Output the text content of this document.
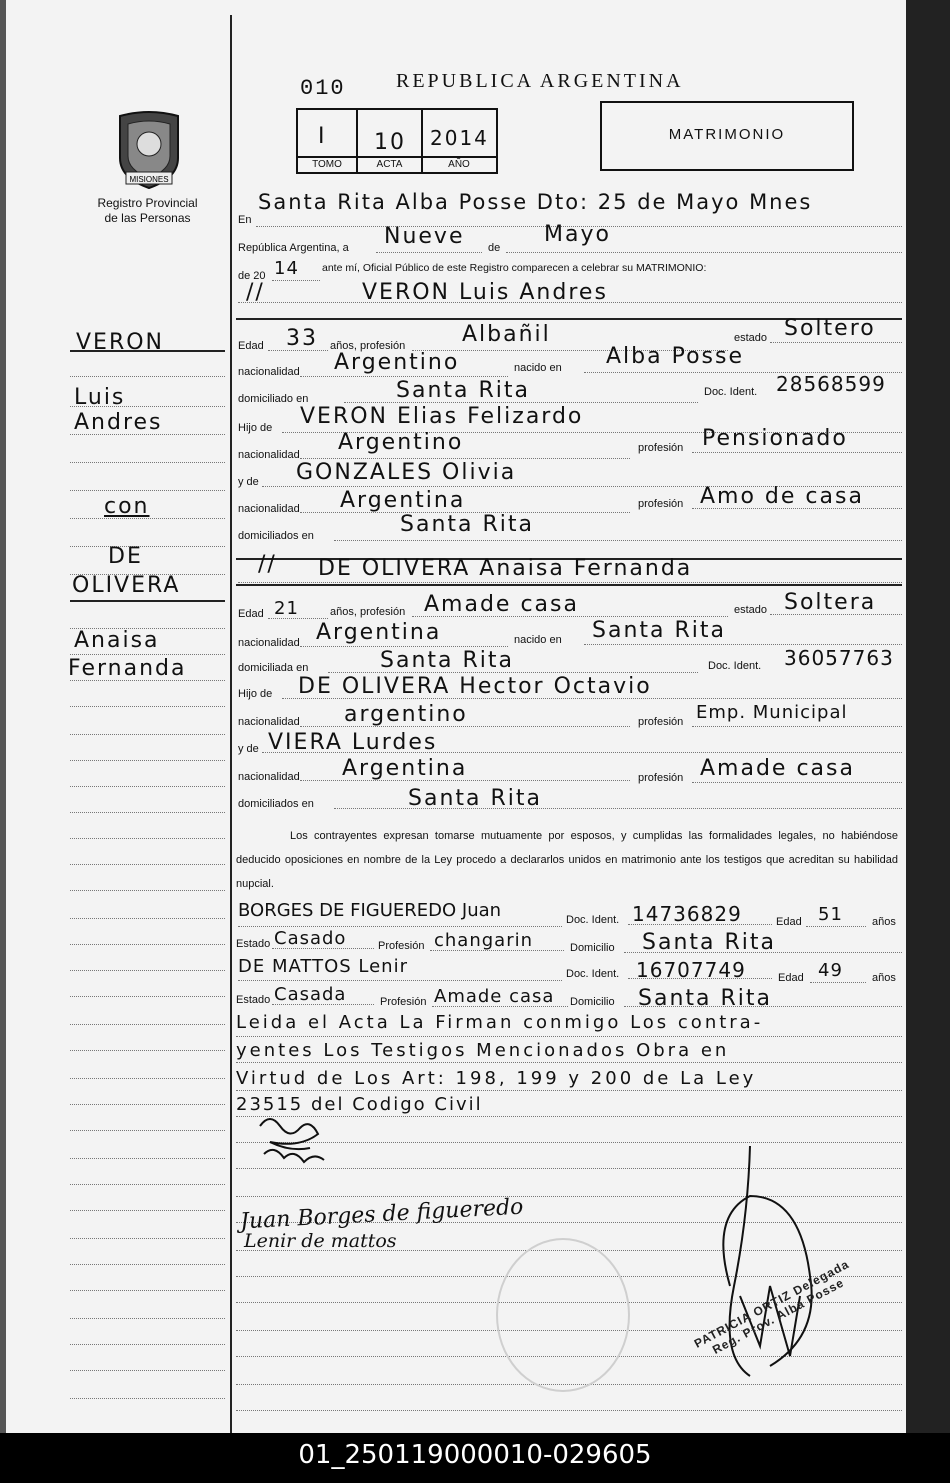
MISIONES
Registro Provincial
de las Personas
010	REPUBLICA ARGENTINA
I 10 2014
TOMO	ACTA	AÑO
MATRIMONIO
VERON
Luis
Andres
con
DE
OLIVERA
Anaisa
Fernanda
En
Santa Rita Alba Posse Dto: 25 de Mayo Mnes
República Argentina, a Nueve de
Mayo
de 20 14 ante mí, Oficial Público de este Registro comparecen a celebrar su MATRIMONIO:
VERON Luis Andres
//
Edad 33 años, profesión	Albañil	estado Soltero
nacionalidad Argentino	nacido en Alba Posse
domiciliado en	Santa Rita	Doc. Ident. 28568599
Hijo de VERON Elias Felizardo
nacionalidad Argentino	profesión Pensionado
y de GONZALES Olivia
nacionalidad Argentina	profesión Amo de casa
domiciliados en	Santa Rita
// DE OLIVERA Anaisa Fernanda
Edad 21	años, profesión Amade casa	estado Soltera
nacionalidad Argentina	nacido en Santa Rita
domiciliada en	Santa Rita	Doc. Ident. 36057763
Hijo de DE OLIVERA Hector Octavio
nacionalidad argentino	profesión Emp. Municipal
y de VIERA Lurdes
nacionalidad Argentina	profesión Amade casa
domiciliados en	Santa Rita
Los contrayentes expresan tomarse mutuamente por esposos, y cumplidas las formalidades legales, no habiéndose deducido oposiciones en nombre de la Ley procedo a declararlos unidos en matrimonio ante los testigos que acreditan su habilidad nupcial.
BORGES DE FIGUEREDO Juan	Doc. Ident. 14736829	Edad 51	años
Estado Casado	Profesión changarin	Domicilio Santa Rita
DE MATTOS Lenir	Doc. Ident. 16707749	Edad 49	años
Estado Casada	Profesión Amade casa Domicilio Santa Rita
Leida el Acta La Firman conmigo Los contra-
yentes Los Testigos Mencionados Obra en
Virtud de Los Art: 198, 199 y 200 de La Ley
23515 del Codigo Civil
Juan Borges de figueredo
Lenir de mattos
PATRICIA ORTIZ Delegada Reg. Prov. Alba Posse
01_250119000010-029605
